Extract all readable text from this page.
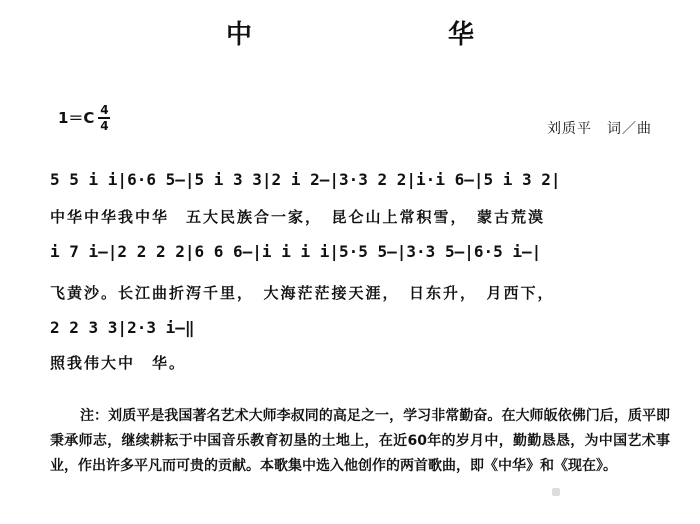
中　　华
$1=C \frac{4}{4}$	刘质平　词／曲
5 5 i i|6·6 5—|5 i 3 3|2 i 2—|3·3 2 2|i·i 6—|5 i 3 2|
中华中华我中华　五大民族合一家，　昆仑山上常积雪，　蒙古荒漠
i 7 i—|2 2 2 2|6 6 6—|i i i i|5·5 5—|3·3 5—|6·5 i—|
飞黄沙。长江曲折泻千里，　大海茫茫接天涯，　日东升，　月西下，
2 2 3 3|2·3 i—‖
照我伟大中　华。
注：刘质平是我国著名艺术大师李叔同的高足之一，学习非常勤奋。在大师皈依佛门后，质平即秉承师志，继续耕耘于中国音乐教育初垦的土地上，在近60年的岁月中，勤勤恳恳，为中国艺术事业，作出许多平凡而可贵的贡献。本歌集中选入他创作的两首歌曲，即《中华》和《现在》。
